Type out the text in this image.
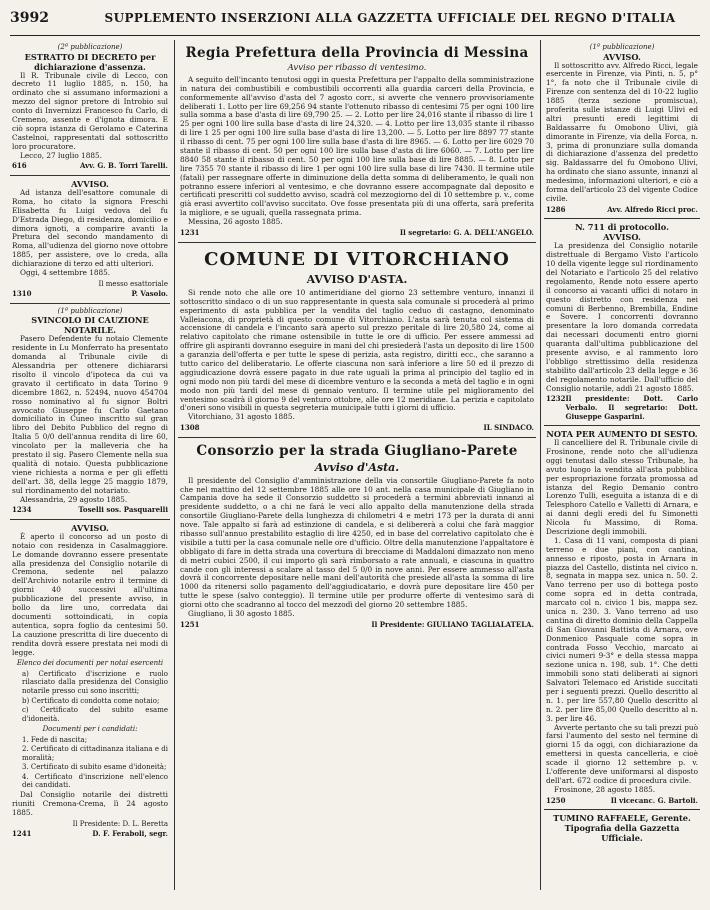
3992	SUPPLEMENTO INSERZIONI ALLA GAZZETTA UFFICIALE DEL REGNO D'ITALIA
(2ª pubblicazione)
ESTRATTO DI DECRETO per dichiarazione d'assenza.

Il R. Tribunale civile di Lecco, con decreto 11 luglio 1885, n. 150, ha ordinato che si assumano informazioni a mezzo del signor pretore di Introbio sul conto di Invernizzi Francesco fu Carlo, di Cremeno, assente e d'ignota dimora. E ciò sopra istanza di Gerolamo e Caterina Castelnoi, rappresentati dal sottoscritto loro procuratore.

Lecco, 27 luglio 1885.

616	Avv. G. B. Torri Tarelli.
AVVISO.

Ad istanza dell'esattore comunale di Roma, ho citato la signora Freschi Elisabetta fu Luigi vedova del fu D'Estrada Diego, di residenza, domicilio e dimora ignoti, a comparire avanti la Pretura del secondo mandamento di Roma, all'udienza del giorno nove ottobre 1885, per assistere, ove lo creda, alla dichiarazione di terzo ed atti ulteriori.

Oggi, 4 settembre 1885.

Il messo esattoriale
1310	P. Vasolo.
(1ª pubblicazione)
SVINCOLO DI CAUZIONE NOTARILE.

Pasero Defendente fu notaio Clemente residente in Lu Monferrato ha presentato domanda al Tribunale civile di Alessandria per ottenere dichiararsi risolto il vincolo d'ipoteca da cui va gravato il certificato in data Torino 9 dicembre 1862, n. 52494, nuovo 454704 rosso nominativo al fu signor Boltri avvocato Giuseppe fu Carlo Gaetano domiciliato in Cuneo inscritto sul gran libro del Debito Pubblico del regno di Italia 5 0/0 dell'annua rendita di lire 60, vincolato per la malleveria che ha prestato il sig. Pasero Clemente nella sua qualità di notaio. Questa pubblicazione viene richiesta a norma e per gli effetti dell'art. 38, della legge 25 maggio 1879, sul riordinamento del notariato.

Alessandria, 29 agosto 1885.

1234	Toselli sos. Pasquarelli
AVVISO.

È aperto il concorso ad un posto di notaio con residenza in Casalmaggiore. Le domande dovranno essere presentate alla presidenza del Consiglio notarile di Cremona, sedente nel palazzo dell'Archivio notarile entro il termine di giorni 40 successivi all'ultima pubblicazione del presente avviso, in bollo da lire uno, corredata dai documenti sottoindicati, in copia autentica, sopra foglio da centesimi 50. La cauzione prescritta di lire duecento di rendita dovrà essere prestata nei modi di legge.

Elenco dei documenti per notai esercenti
a) Certificato d'iscrizione e ruolo rilasciato dalla presidenza del Consiglio notarile presso cui sono inscritti;
b) Certificato di condotta come notaio;
c) Certificato del subito esame d'idoneità.
Documenti per i candidati:
1. Fede di nascita;
2. Certificato di cittadinanza italiana e di moralità;
3. Certificato di subito esame d'idoneità;
4. Certificato d'inscrizione nell'elenco dei candidati.

Dal Consiglio notarile dei distretti riuniti Cremona-Crema, lì 24 agosto 1885.

Il Presidente: D. L. Beretta
1241	D. F. Feraboli, segr.
Regia Prefettura della Provincia di Messina
Avviso per ribasso di ventesimo.

A seguito dell'incanto tenutosi oggi in questa Prefettura per l'appalto della somministrazione in natura dei combustibili e combustibili occorrenti alla guardia carceri della Provincia, e conformemente all'avviso d'asta del 7 agosto corr., si avverte che vennero provvisoriamente deliberati 1. Lotto per lire 69,256 94 stante l'ottenuto ribasso di centesimi 75 per ogni 100 lire sulla somma a base d'asta di lire 69,790 25. — 2. Lotto per lire 24,016 stante il ribasso di lire 1 25 per ogni 100 lire sulla base d'asta di lire 24,320. — 4. Lotto per lire 13,035 stante il ribasso di lire 1 25 per ogni 100 lire sulla base d'asta di lire 13,200. — 5. Lotto per lire 8897 77 stante il ribasso di cent. 75 per ogni 100 lire sulla base d'asta di lire 8965. — 6. Lotto per lire 6029 70 stante il ribasso di cent. 50 per ogni 100 lire sulla base d'asta di lire 6060. — 7. Lotto per lire 8840 58 stante il ribasso di cent. 50 per ogni 100 lire sulla base di lire 8885. — 8. Lotto per lire 7355 70 stante il ribasso di lire 1 per ogni 100 lire sulla base di lire 7430. Il termine utile (fatali) per rassegnare offerte in diminuzione della detta somma di deliberamento, le quali non potranno essere inferiori al ventesimo, e che dovranno essere accompagnate dal deposito e certificati prescritti col suddetto avviso, scadrà col mezzogiorno del di 10 settembre p. v., come già erasi avvertito coll'avviso succitato. Ove fosse presentata più di una offerta, sarà preferita la migliore, e se uguali, quella rassegnata prima.

Messina, 26 agosto 1885.

1231	Il segretario: G. A. DELL'ANGELO.
COMUNE DI VITORCHIANO
AVVISO D'ASTA.

Si rende noto che alle ore 10 antimeridiane del giorno 23 settembre venturo, innanzi il sottoscritto sindaco o di un suo rappresentante in questa sala comunale si procederà al primo esperimento di asta pubblica per la vendita del taglio ceduo di castagno, denominato Valleiacona, di proprietà di questo comune di Vitorchiano. L'asta sarà tenuta col sistema di accensione di candela e l'incanto sarà aperto sul prezzo peritale di lire 20,580 24, come al relativo capitolato che rimane ostensibile in tutte le ore di ufficio. Per essere ammessi ad offrire gli aspiranti dovranno eseguire in mani del chi presiederà l'asta un deposito di lire 1500 a garanzia dell'offerta e per tutte le spese di perizia, asta registro, diritti ecc., che saranno a tutto carico del deliberatario. Le offerte ciascuna non sarà inferiore a lire 50 ed il prezzo di aggiudicazione dovrà essere pagato in due rate uguali la prima al principio del taglio ed in ogni modo non più tardi del mese di dicembre venturo e la seconda a metà del taglio e in ogni modo non più tardi del mese di gennaio venturo. Il termine utile pel miglioramento del ventesimo scadrà il giorno 9 del venturo ottobre, alle ore 12 meridiane. La perizia e capitolato d'oneri sono visibili in questa segreteria municipale tutti i giorni di ufficio.

Vitorchiano, 31 agosto 1885.

1308	IL SINDACO.
Consorzio per la strada Giugliano-Parete
Avviso d'Asta.

Il presidente del Consiglio d'amministrazione della via consortile Giugliano-Parete fa noto che nel mattino del 12 settembre 1885 alle ore 10 ant. nella casa municipale di Giugliano in Campania dove ha sede il Consorzio suddetto si procederà a termini abbreviati innanzi al presidente suddetto, o a chi ne fará le veci allo appalto della manutenzione della strada consortile Giugliano-Parete della lunghezza di chilometri 4 e metri 173 per la durata di anni nove. Tale appalto si farà ad estinzione di candela, e si delibererà a colui che farà maggior ribasso sull'annuo prestabilito estaglio di lire 4250, ed in base del correlativo capitolato che è visibile a tutti per la casa comunale nelle ore d'ufficio. Oltre della manutenzione l'appaltatore è obbligato di fare in detta strada una covertura di brecciame di Maddaloni dimazzato non meno di metri cubici 2500, il cui importo gli sarà rimborsato a rate annuali, e ciascuna in quattro cande con gli interessi a scalare al tasso del 5 0/0 in nove anni. Per essere ammesso all'asta dovrà il concorrente depositare nelle mani dell'autorità che presiede all'asta la somma di lire 1000 da ritenersi sollo pagamento dell'aggiudicatario, e dovrà pure depositare lire 450 per tutte le spese (salvo conteggio). Il termine utile per produrre offerte di ventesimo sarà di giorni otto che scadranno al tocco del mezzodì del giorno 20 settembre 1885.

Giugliano, lì 30 agosto 1885.

1251	Il Presidente: GIULIANO TAGLIALATELA.
(1ª pubblicazione)
AVVISO.

Il sottoscritto avv. Alfredo Ricci, legale esercente in Firenze, via Pinti, n. 5, p° 1°, fa noto che il Tribunale civile di Firenze con sentenza del di 10-22 luglio 1885 (terza sezione promiscua), proferita sulle istanze di Luigi Ulivi ed altri presunti eredi legittimi di Baldassarre fu Omobono Ulivi, già dimorante in Firenze, via della Forca, n. 3, prima di pronunziare sulla domanda di dichiarazione d'assenza del predetto sig. Baldassarre del fu Omobono Ulivi, ha ordinato che siano assunte, innanzi al medesimo, informazioni ulteriori, e ciò a forma dell'articolo 23 del vigente Codice civile.

1286	Avv. Alfredo Ricci proc.
N. 711 di protocollo.
AVVISO.

La presidenza del Consiglio notarile distrettuale di Bergamo Visto l'articolo 10 della vigente legge sul riordinamento del Notariato e l'articolo 25 del relativo regolamento, Rende noto essere aperto il concorso ai vacanti uffici di notaro in questo distretto con residenza nei comuni di Berbenno, Brembilla, Endine e Sovere. I concorrenti dovranno presentare la loro domanda corredata dai necessari documenti entro giorni quaranta dall'ultima pubblicazione del presente avviso, e al rammento loro l'obbligo strettissimo della residenza stabilito dall'articolo 23 della legge e 36 del regolamento notarile. Dall'ufficio del Consiglio notarile, addì 21 agosto 1885.

1232 Il presidente: Dott. Carlo Verbalo. Il segretario: Dott. Giuseppe Gasparini.
NOTA PER AUMENTO DI SESTO.

Il cancelliere del R. Tribunale civile di Frosinone, rende noto che all'udienza oggi tenutasi dallo stesso Tribunale, ha avuto luogo la vendita all'asta pubblica per espropriazione forzata promossa ad istanza del Regio Demanio contro Lorenzo Tulli, eseguita a istanza di e di Telesphoro Catello e Valletti di Arnara, e ai danni degli eredi del fu Simonetti Nicola fu Massimo, di Roma. Descrizione degli immobili.

1. Casa di 11 vani, composta di piani terreno e due piani, con cantina, annesso e riposto, posta in Arnara in piazza del Castello, distinta nel civico n. 8, segnata in mappa sez. unica n. 50. 2. Vano terreno per uso di bottega posto come sopra ed in detta contrada, marcato col n. civico 1 bis, mappa sez. unica n. 230. 3. Vano terreno ad uso cantina di diretto dominio della Cappella di San Giovanni Battista di Arnara, ove Donmenico Pasquale come sopra in contrada Fosso Vecchio, marcato ai civici numeri 9-3° e della stessa mappa sezione unica n. 198, sub. 1°. Che detti immobili sono stati deliberati ai signori Salvatori Telemaco ed Aristide succitati per i seguenti prezzi. Quello descritto al n. 1. per lire 557,80 Quello descritto al n. 2. per lire 85,00 Quello descritto al n. 3. per lire 46.

Avverte pertanto che su tali prezzi può farsi l'aumento del sesto nel termine di giorni 15 da oggi, con dichiarazione da emettersi in questa cancelleria, e cioè scade il giorno 12 settembre p. v. L'offerente deve uniformarsi al disposto dell'art. 672 codice di procedura civile.

Frosinone, 28 agosto 1885.

1250	Il vicecanc. G. Bartoli.
TUMINO RAFFAELE, Gerente.
Tipografia della Gazzetta Ufficiale.
